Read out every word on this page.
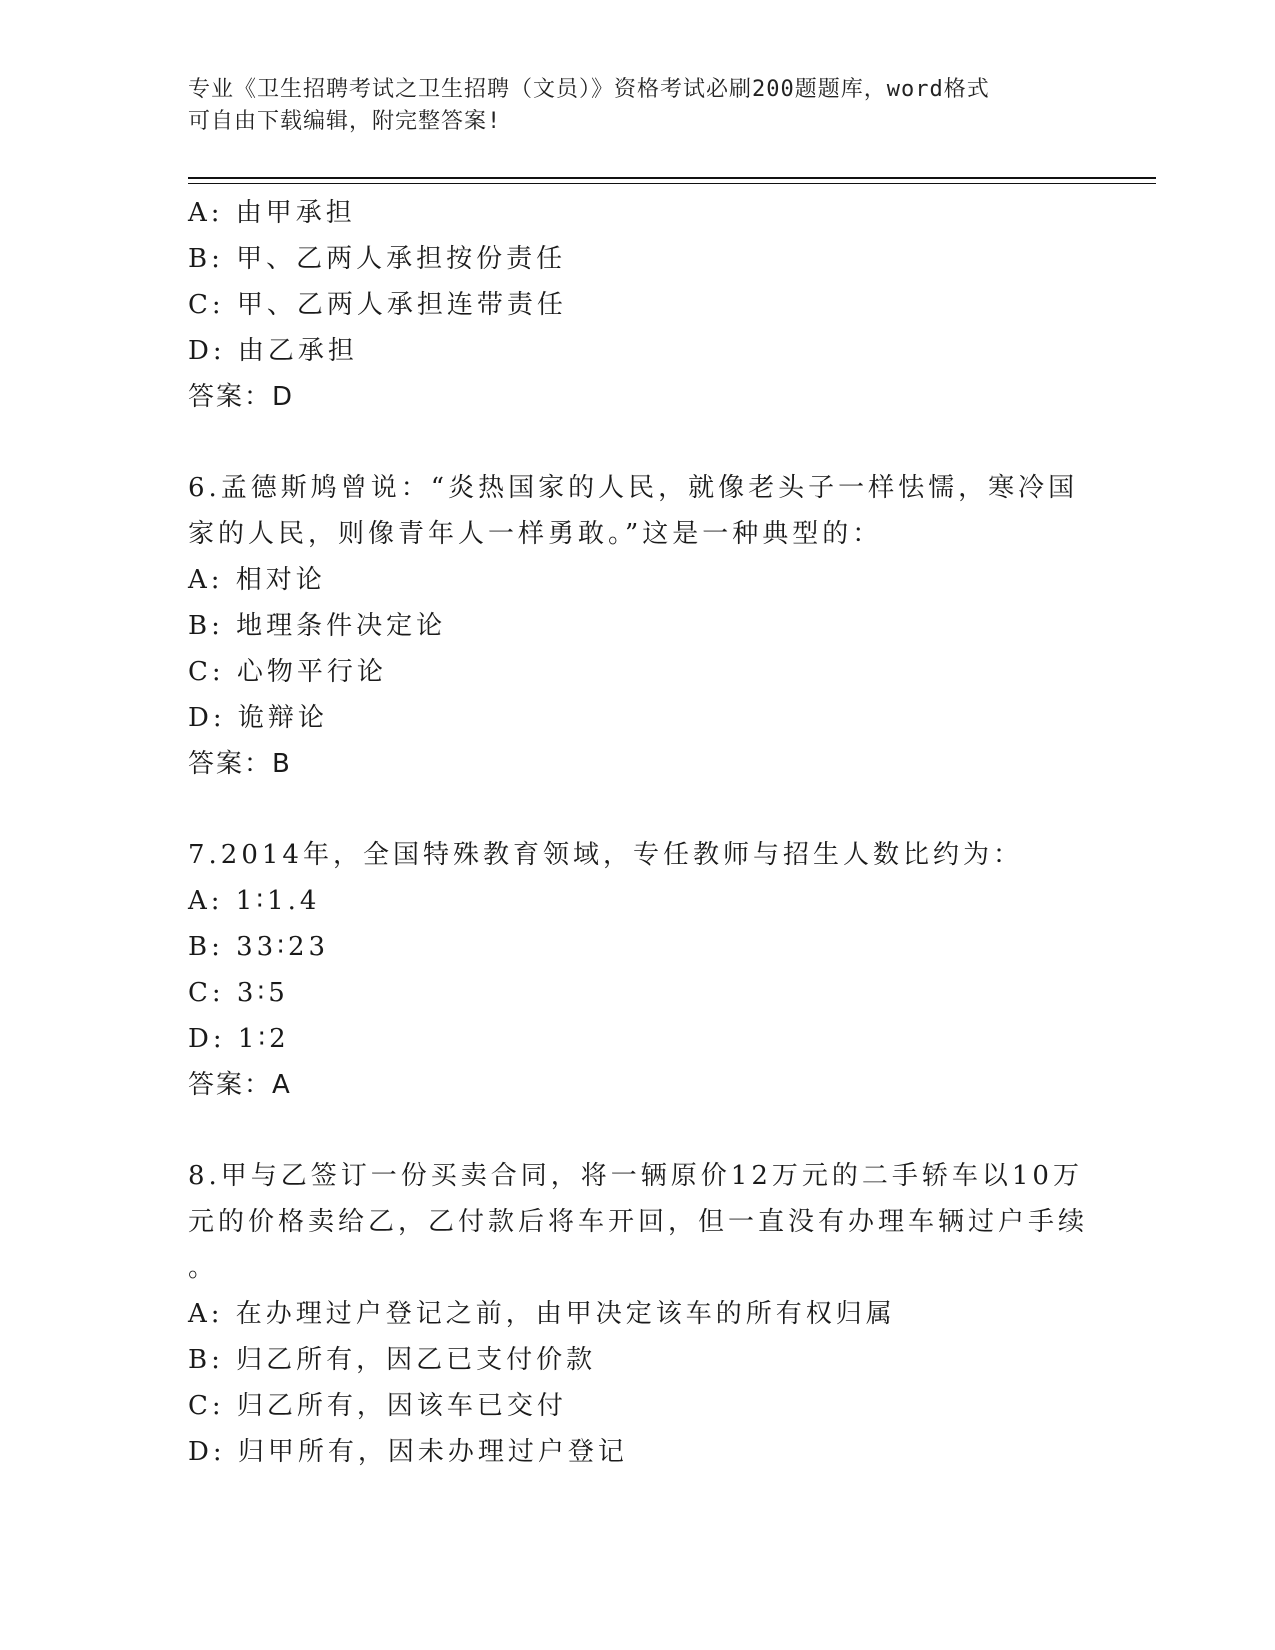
专业《卫生招聘考试之卫生招聘（文员）》资格考试必刷200题题库，word格式
可自由下载编辑，附完整答案!
A: 由甲承担
B: 甲、乙两人承担按份责任
C: 甲、乙两人承担连带责任
D: 由乙承担
答案：D
6.孟德斯鸠曾说：“炎热国家的人民，就像老头子一样怯懦，寒冷国
家的人民，则像青年人一样勇敢。”这是一种典型的：
A: 相对论
B: 地理条件决定论
C: 心物平行论
D: 诡辩论
答案：B
7.2014年，全国特殊教育领域，专任教师与招生人数比约为：
A: 1∶1.4
B: 33∶23
C: 3∶5
D: 1∶2
答案：A
8.甲与乙签订一份买卖合同，将一辆原价12万元的二手轿车以10万
元的价格卖给乙，乙付款后将车开回，但一直没有办理车辆过户手续
。
A: 在办理过户登记之前，由甲决定该车的所有权归属
B: 归乙所有，因乙已支付价款
C: 归乙所有，因该车已交付
D: 归甲所有，因未办理过户登记
